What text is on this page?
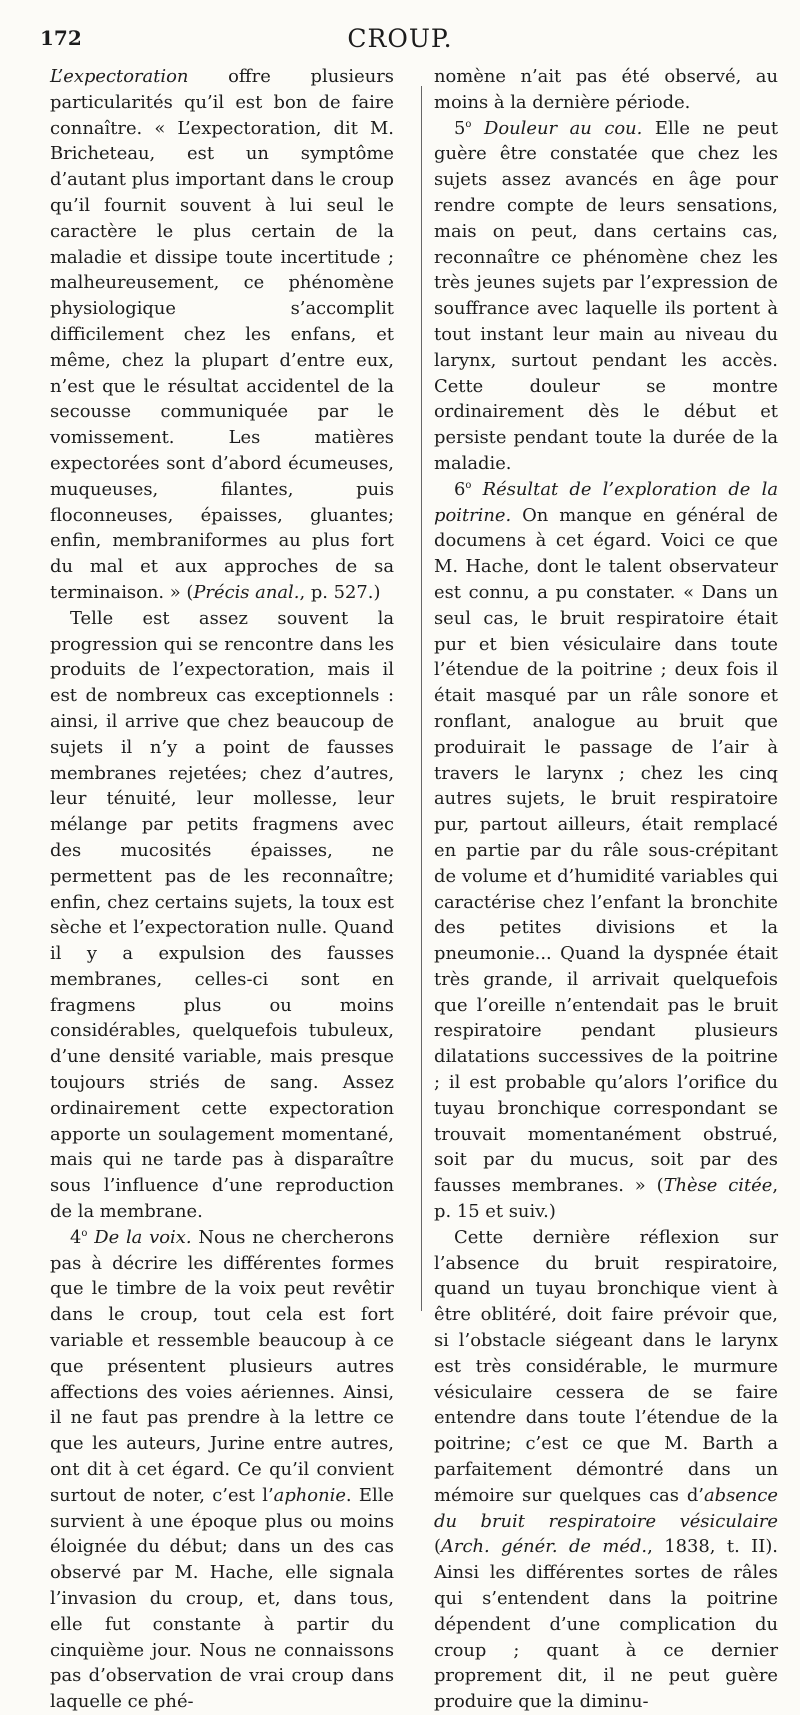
172	CROUP.

L’expectoration offre plusieurs particularités qu’il est bon de faire connaître. « L’expectoration, dit M. Bricheteau, est un symptôme d’autant plus important dans le croup qu’il fournit souvent à lui seul le caractère le plus certain de la maladie et dissipe toute incertitude ; malheureusement, ce phénomène physiologique s’accomplit difficilement chez les enfans, et même, chez la plupart d’entre eux, n’est que le résultat accidentel de la secousse communiquée par le vomissement. Les matières expectorées sont d’abord écumeuses, muqueuses, filantes, puis floconneuses, épaisses, gluantes; enfin, membraniformes au plus fort du mal et aux approches de sa terminaison. » (Précis anal., p. 527.)

Telle est assez souvent la progression qui se rencontre dans les produits de l’expectoration, mais il est de nombreux cas exceptionnels : ainsi, il arrive que chez beaucoup de sujets il n’y a point de fausses membranes rejetées; chez d’autres, leur ténuité, leur mollesse, leur mélange par petits fragmens avec des mucosités épaisses, ne permettent pas de les reconnaître; enfin, chez certains sujets, la toux est sèche et l’expectoration nulle. Quand il y a expulsion des fausses membranes, celles-ci sont en fragmens plus ou moins considérables, quelquefois tubuleux, d’une densité variable, mais presque toujours striés de sang. Assez ordinairement cette expectoration apporte un soulagement momentané, mais qui ne tarde pas à disparaître sous l’influence d’une reproduction de la membrane.

4$^o$ De la voix. Nous ne chercherons pas à décrire les différentes formes que le timbre de la voix peut revêtir dans le croup, tout cela est fort variable et ressemble beaucoup à ce que présentent plusieurs autres affections des voies aériennes. Ainsi, il ne faut pas prendre à la lettre ce que les auteurs, Jurine entre autres, ont dit à cet égard. Ce qu’il convient surtout de noter, c’est l’aphonie. Elle survient à une époque plus ou moins éloignée du début; dans un des cas observé par M. Hache, elle signala l’invasion du croup, et, dans tous, elle fut constante à partir du cinquième jour. Nous ne connaissons pas d’observation de vrai croup dans laquelle ce phé-

nomène n’ait pas été observé, au moins à la dernière période.

5$^o$ Douleur au cou. Elle ne peut guère être constatée que chez les sujets assez avancés en âge pour rendre compte de leurs sensations, mais on peut, dans certains cas, reconnaître ce phénomène chez les très jeunes sujets par l’expression de souffrance avec laquelle ils portent à tout instant leur main au niveau du larynx, surtout pendant les accès. Cette douleur se montre ordinairement dès le début et persiste pendant toute la durée de la maladie.

6$^o$ Résultat de l’exploration de la poitrine. On manque en général de documens à cet égard. Voici ce que M. Hache, dont le talent observateur est connu, a pu constater. « Dans un seul cas, le bruit respiratoire était pur et bien vésiculaire dans toute l’étendue de la poitrine ; deux fois il était masqué par un râle sonore et ronflant, analogue au bruit que produirait le passage de l’air à travers le larynx ; chez les cinq autres sujets, le bruit respiratoire pur, partout ailleurs, était remplacé en partie par du râle sous-crépitant de volume et d’humidité variables qui caractérise chez l’enfant la bronchite des petites divisions et la pneumonie... Quand la dyspnée était très grande, il arrivait quelquefois que l’oreille n’entendait pas le bruit respiratoire pendant plusieurs dilatations successives de la poitrine ; il est probable qu’alors l’orifice du tuyau bronchique correspondant se trouvait momentanément obstrué, soit par du mucus, soit par des fausses membranes. » (Thèse citée, p. 15 et suiv.)

Cette dernière réflexion sur l’absence du bruit respiratoire, quand un tuyau bronchique vient à être oblitéré, doit faire prévoir que, si l’obstacle siégeant dans le larynx est très considérable, le murmure vésiculaire cessera de se faire entendre dans toute l’étendue de la poitrine; c’est ce que M. Barth a parfaitement démontré dans un mémoire sur quelques cas d’absence du bruit respiratoire vésiculaire (Arch. génér. de méd., 1838, t. II). Ainsi les différentes sortes de râles qui s’entendent dans la poitrine dépendent d’une complication du croup ; quant à ce dernier proprement dit, il ne peut guère produire que la diminu-
